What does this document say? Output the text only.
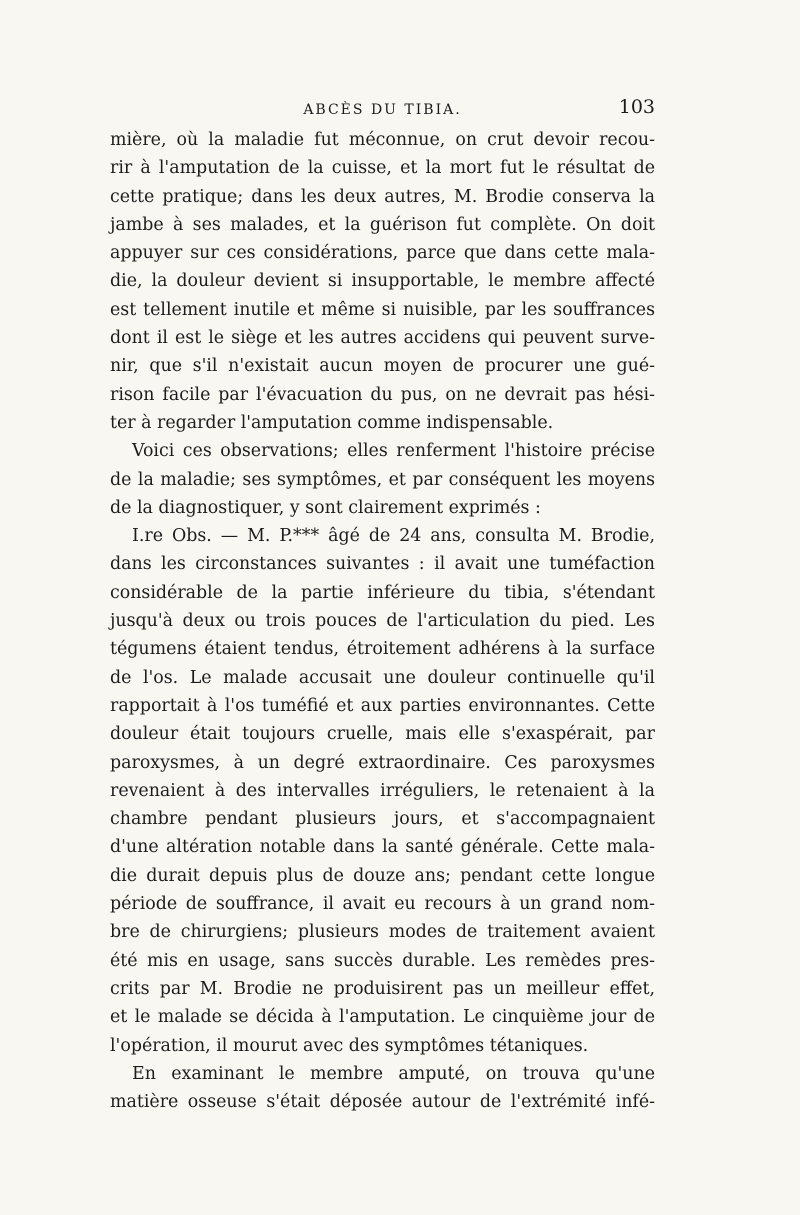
ABCÈS DU TIBIA.	103
mière, où la maladie fut méconnue, on crut devoir recou-
rir à l'amputation de la cuisse, et la mort fut le résultat de
cette pratique; dans les deux autres, M. Brodie conserva la
jambe à ses malades, et la guérison fut complète. On doit
appuyer sur ces considérations, parce que dans cette mala-
die, la douleur devient si insupportable, le membre affecté
est tellement inutile et même si nuisible, par les souffrances
dont il est le siège et les autres accidens qui peuvent surve-
nir, que s'il n'existait aucun moyen de procurer une gué-
rison facile par l'évacuation du pus, on ne devrait pas hési-
ter à regarder l'amputation comme indispensable.
Voici ces observations; elles renferment l'histoire précise
de la maladie; ses symptômes, et par conséquent les moyens
de la diagnostiquer, y sont clairement exprimés :
I.re Obs. — M. P.*** âgé de 24 ans, consulta M. Brodie,
dans les circonstances suivantes : il avait une tuméfaction
considérable de la partie inférieure du tibia, s'étendant
jusqu'à deux ou trois pouces de l'articulation du pied. Les
tégumens étaient tendus, étroitement adhérens à la surface
de l'os. Le malade accusait une douleur continuelle qu'il
rapportait à l'os tuméfié et aux parties environnantes. Cette
douleur était toujours cruelle, mais elle s'exaspérait, par
paroxysmes, à un degré extraordinaire. Ces paroxysmes
revenaient à des intervalles irréguliers, le retenaient à la
chambre pendant plusieurs jours, et s'accompagnaient
d'une altération notable dans la santé générale. Cette mala-
die durait depuis plus de douze ans; pendant cette longue
période de souffrance, il avait eu recours à un grand nom-
bre de chirurgiens; plusieurs modes de traitement avaient
été mis en usage, sans succès durable. Les remèdes pres-
crits par M. Brodie ne produisirent pas un meilleur effet,
et le malade se décida à l'amputation. Le cinquième jour de
l'opération, il mourut avec des symptômes tétaniques.
En examinant le membre amputé, on trouva qu'une
matière osseuse s'était déposée autour de l'extrémité infé-
